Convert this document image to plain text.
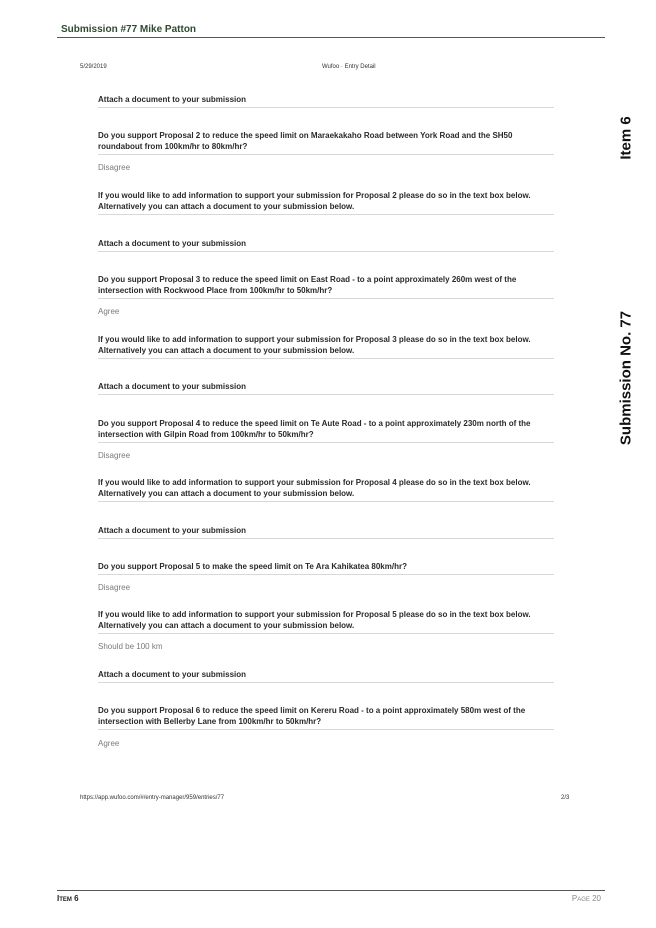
Submission #77 Mike Patton
5/29/2019	Wufoo · Entry Detail
Attach a document to your submission
Do you support Proposal 2 to reduce the speed limit on Maraekakaho Road between York Road and the SH50 roundabout from 100km/hr to 80km/hr?
Disagree
If you would like to add information to support your submission for Proposal 2 please do so in the text box below. Alternatively you can attach a document to your submission below.
Attach a document to your submission
Do you support Proposal 3 to reduce the speed limit on East Road - to a point approximately 260m west of the intersection with Rockwood Place from 100km/hr to 50km/hr?
Agree
If you would like to add information to support your submission for Proposal 3 please do so in the text box below. Alternatively you can attach a document to your submission below.
Attach a document to your submission
Do you support Proposal 4 to reduce the speed limit on Te Aute Road - to a point approximately 230m north of the intersection with Gilpin Road from 100km/hr to 50km/hr?
Disagree
If you would like to add information to support your submission for Proposal 4 please do so in the text box below. Alternatively you can attach a document to your submission below.
Attach a document to your submission
Do you support Proposal 5 to make the speed limit on Te Ara Kahikatea 80km/hr?
Disagree
If you would like to add information to support your submission for Proposal 5 please do so in the text box below. Alternatively you can attach a document to your submission below.
Should be 100 km
Attach a document to your submission
Do you support Proposal 6 to reduce the speed limit on Kereru Road - to a point approximately 580m west of the intersection with Bellerby Lane from 100km/hr to 50km/hr?
Agree
Item 6
Submission No. 77
https://app.wufoo.com/#/entry-manager/959/entries/77	2/3
Item 6	Page 20
